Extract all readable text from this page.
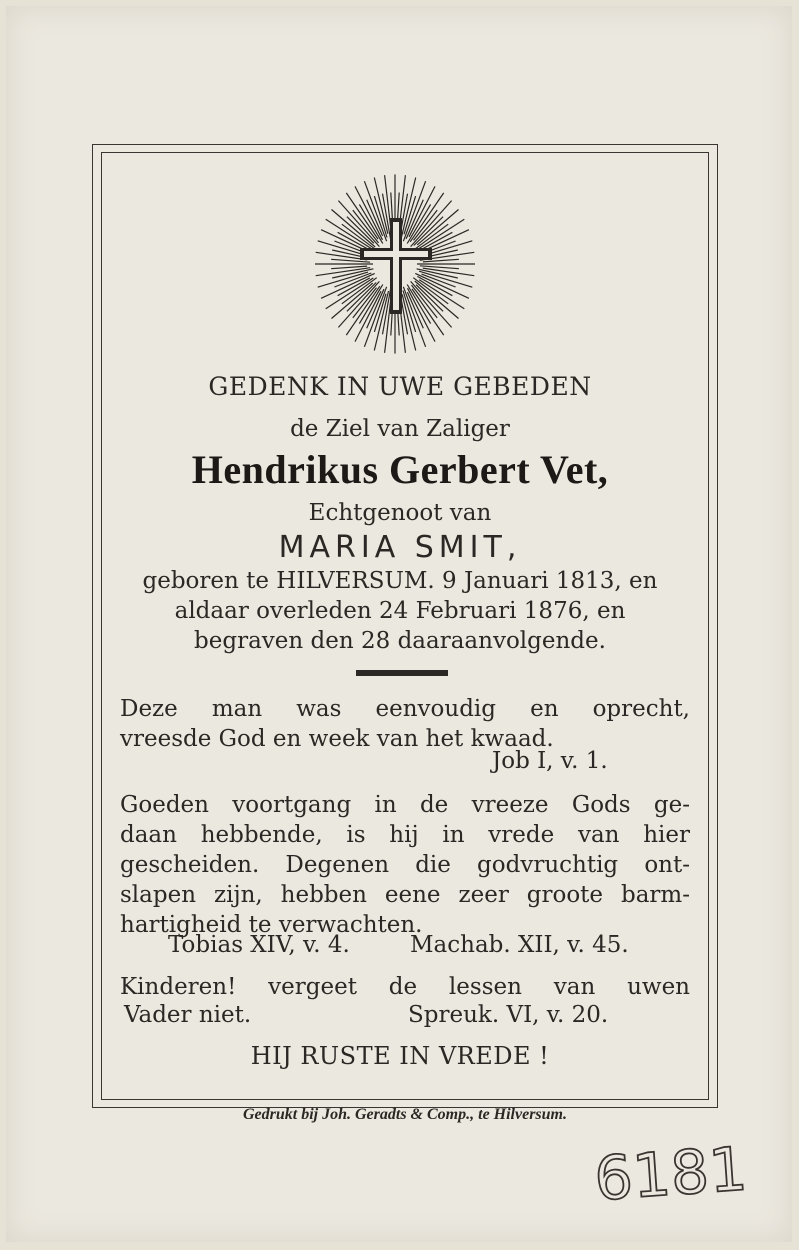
GEDENK IN UWE GEBEDEN
de Ziel van Zaliger
Hendrikus Gerbert Vet,
Echtgenoot van
MARIA SMIT,
geboren te HILVERSUM. 9 Januari 1813, en
aldaar overleden 24 Februari 1876, en
begraven den 28 daaraanvolgende.
Deze man was eenvoudig en oprecht,
vreesde God en week van het kwaad.
Job I, v. 1.
Goeden voortgang in de vreeze Gods ge-
daan hebbende, is hij in vrede van hier
gescheiden. Degenen die godvruchtig ont-
slapen zijn, hebben eene zeer groote barm-
hartigheid te verwachten.
Tobias XIV, v. 4.	Machab. XII, v. 45.
Kinderen! vergeet de lessen van uwen
Vader niet.	Spreuk. VI, v. 20.
HIJ RUSTE IN VREDE !
Gedrukt bij Joh. Geradts & Comp., te Hilversum.
6181
